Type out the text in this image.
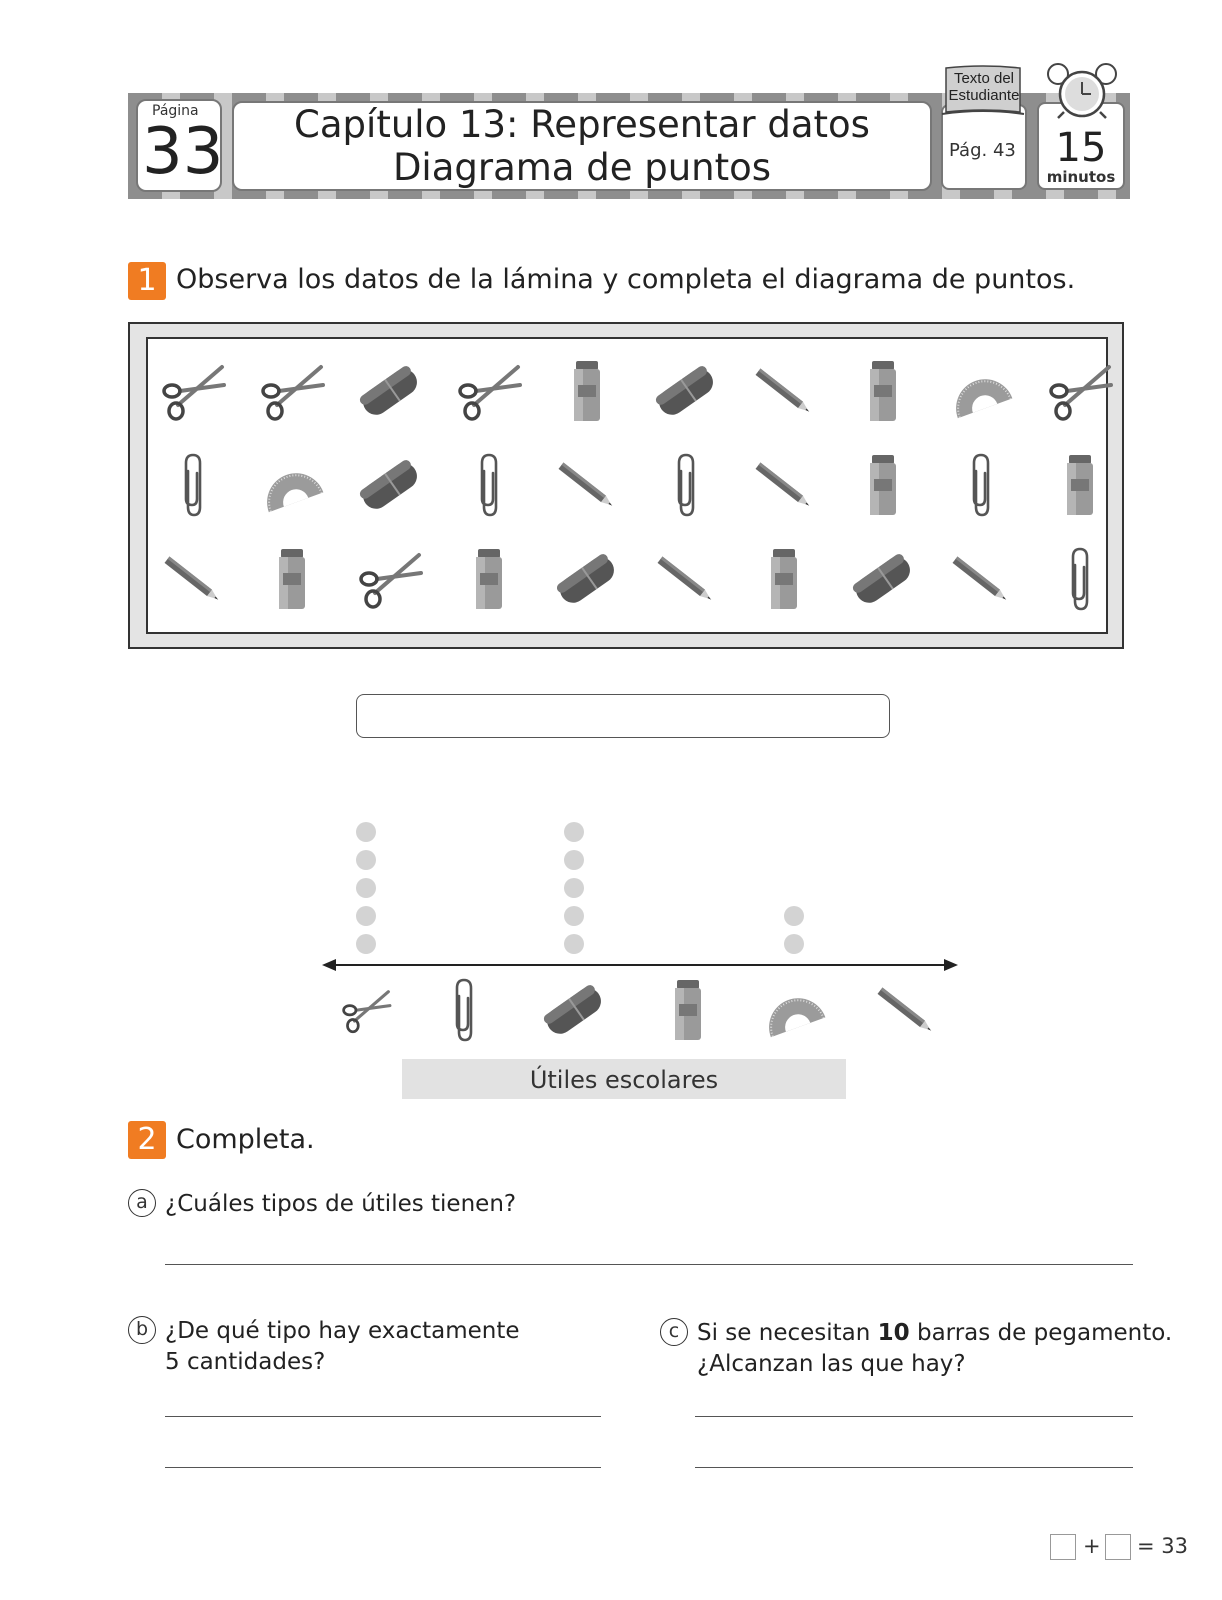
Página
33	Capítulo 13: Representar datos
Diagrama de puntos	Pág. 43
Texto del Estudiante
15
minutos
1 Observa los datos de la lámina y completa el diagrama de puntos.
Útiles escolares
2 Completa.
a ¿Cuáles tipos de útiles tienen?
b ¿De qué tipo hay exactamente
5 cantidades?
c Si se necesitan 10 barras de pegamento.
¿Alcanzan las que hay?
+ = 33
